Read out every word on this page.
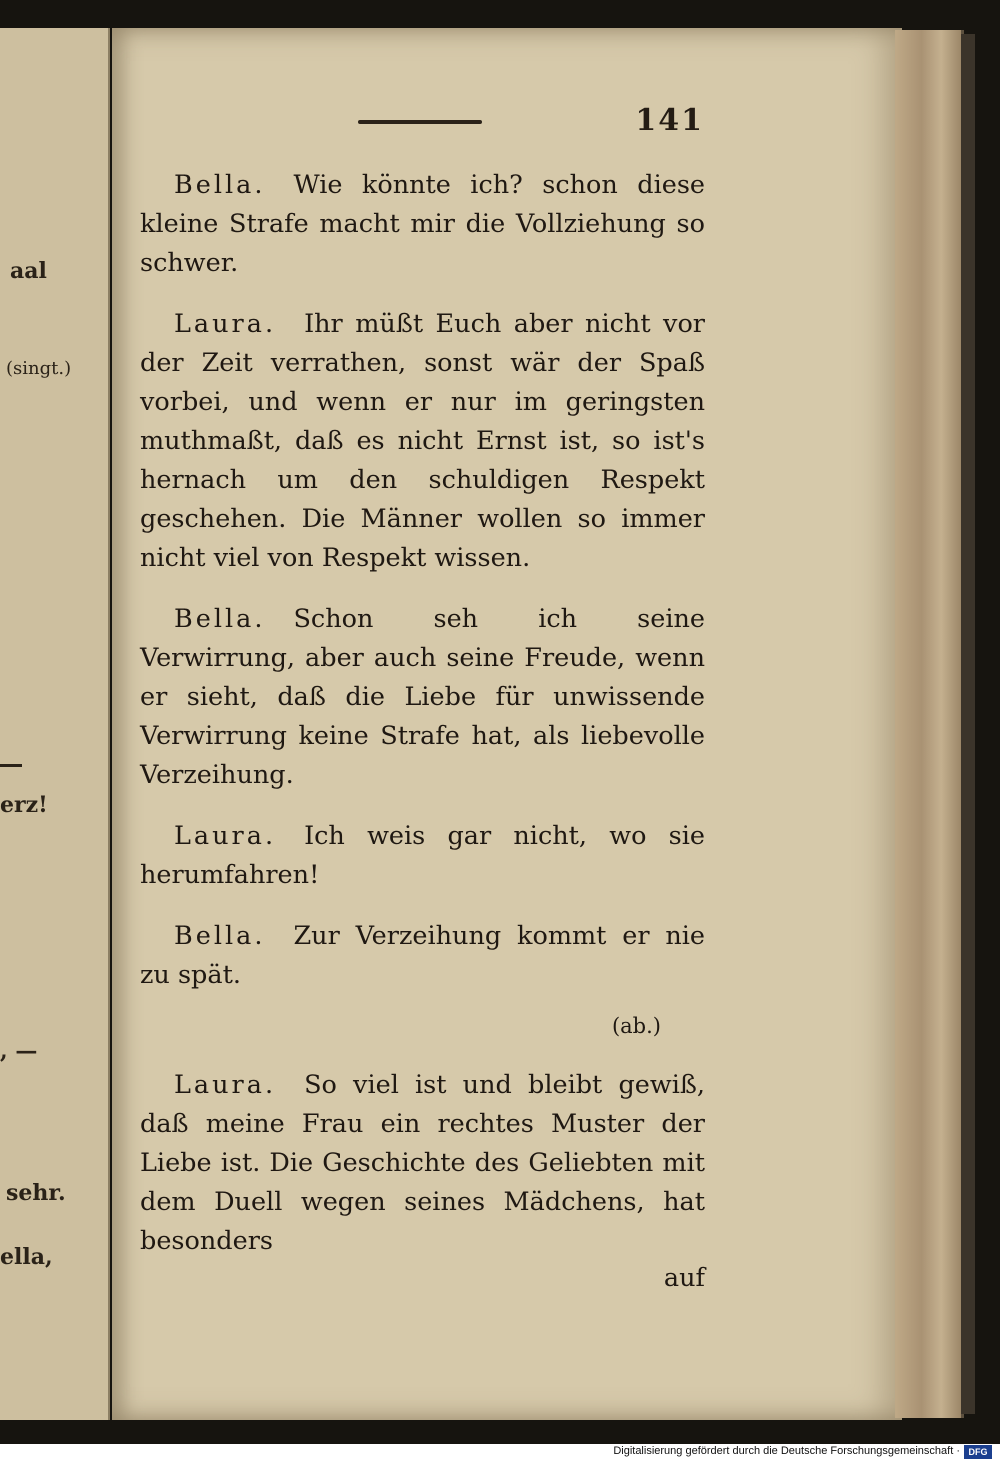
aal
(singt.)
erz!
, —
sehr.
ella,
141

Bella. Wie könnte ich? schon diese kleine Strafe macht mir die Vollziehung so schwer.

Laura. Ihr müßt Euch aber nicht vor der Zeit verrathen, sonst wär der Spaß vorbei, und wenn er nur im geringsten muthmaßt, daß es nicht Ernst ist, so ist's hernach um den schuldigen Respekt geschehen. Die Männer wollen so immer nicht viel von Respekt wissen.

Bella. Schon seh ich seine Verwirrung, aber auch seine Freude, wenn er sieht, daß die Liebe für unwissende Verwirrung keine Strafe hat, als liebevolle Verzeihung.

Laura. Ich weis gar nicht, wo sie herumfahren!

Bella. Zur Verzeihung kommt er nie zu spät.

(ab.)

Laura. So viel ist und bleibt gewiß, daß meine Frau ein rechtes Muster der Liebe ist. Die Geschichte des Geliebten mit dem Duell wegen seines Mädchens, hat besonders

auf

Digitalisierung gefördert durch die Deutsche Forschungsgemeinschaft · DFG
